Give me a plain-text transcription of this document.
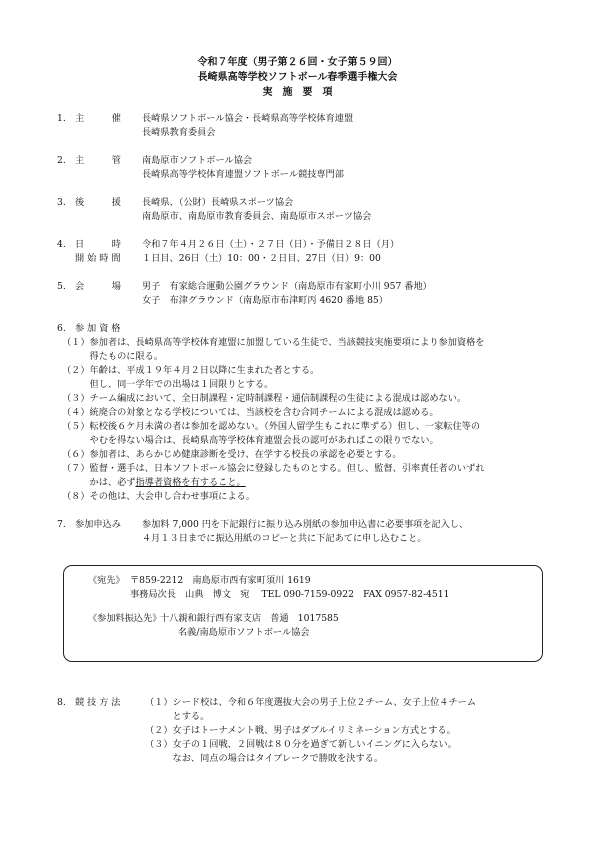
令和７年度（男子第２６回・女子第５９回）
長崎県高等学校ソフトボール春季選手権大会
実　施　要　項
1.　主　　　催 長崎県ソフトボール協会・長崎県高等学校体育連盟
長崎県教育委員会
2.　主　　　管 南島原市ソフトボール協会
長崎県高等学校体育連盟ソフトボール競技専門部
3.　後　　　援 長崎県、（公財）長崎県スポーツ協会
南島原市、南島原市教育委員会、南島原市スポーツ協会
4.　日　　　時 令和７年４月２６日（土）・２７日（日）・予備日２８日（月）
開 始 時 間 １日目、26日（土）10：00・２日目、27日（日）9：00
5.　会　　　場 男子　有家総合運動公園グラウンド（南島原市有家町小川 957 番地）
女子　布津グラウンド（南島原市布津町丙 4620 番地 85）
6.　参 加 資 格
（１）参加者は、長崎県高等学校体育連盟に加盟している生徒で、当該競技実施要項により参加資格を
　　　得たものに限る。
（２）年齢は、平成１９年４月２日以降に生まれた者とする。
　　　但し、同一学年での出場は１回限りとする。
（３）チーム編成において、全日制課程・定時制課程・通信制課程の生徒による混成は認めない。
（４）統廃合の対象となる学校については、当該校を含む合同チームによる混成は認める。
（５）転校後６ケ月未満の者は参加を認めない。（外国人留学生もこれに準ずる）但し、一家転住等の
　　　やむを得ない場合は、長崎県高等学校体育連盟会長の認可があればこの限りでない。
（６）参加者は、あらかじめ健康診断を受け、在学する校長の承認を必要とする。
（７）監督・選手は、日本ソフトボール協会に登録したものとする。但し、監督、引率責任者のいずれ
　　　かは、必ず指導者資格を有すること。
（８）その他は、大会申し合わせ事項による。
7.　参加申込み 参加料 7,000 円を下記銀行に振り込み別紙の参加申込書に必要事項を記入し、
４月１３日までに振込用紙のコピーと共に下記あてに申し込むこと。
《宛先》 〒859-2212　南島原市西有家町須川 1619
事務局次長　山典　博文　宛　 TEL 090-7159-0922　FAX 0957-82-4511
《参加料振込先》
十八親和銀行西有家支店　普通　1017585
名義/南島原市ソフトボール協会
8.　競 技 方 法	（１）シード校は、令和６年度選抜大会の男子上位２チーム、女子上位４チーム
　　　とする。
（２）女子はトーナメント戦、男子はダブルイリミネーション方式とする。
（３）女子の１回戦、２回戦は８０分を過ぎて新しいイニングに入らない。
　　　なお、同点の場合はタイブレークで勝敗を決する。
